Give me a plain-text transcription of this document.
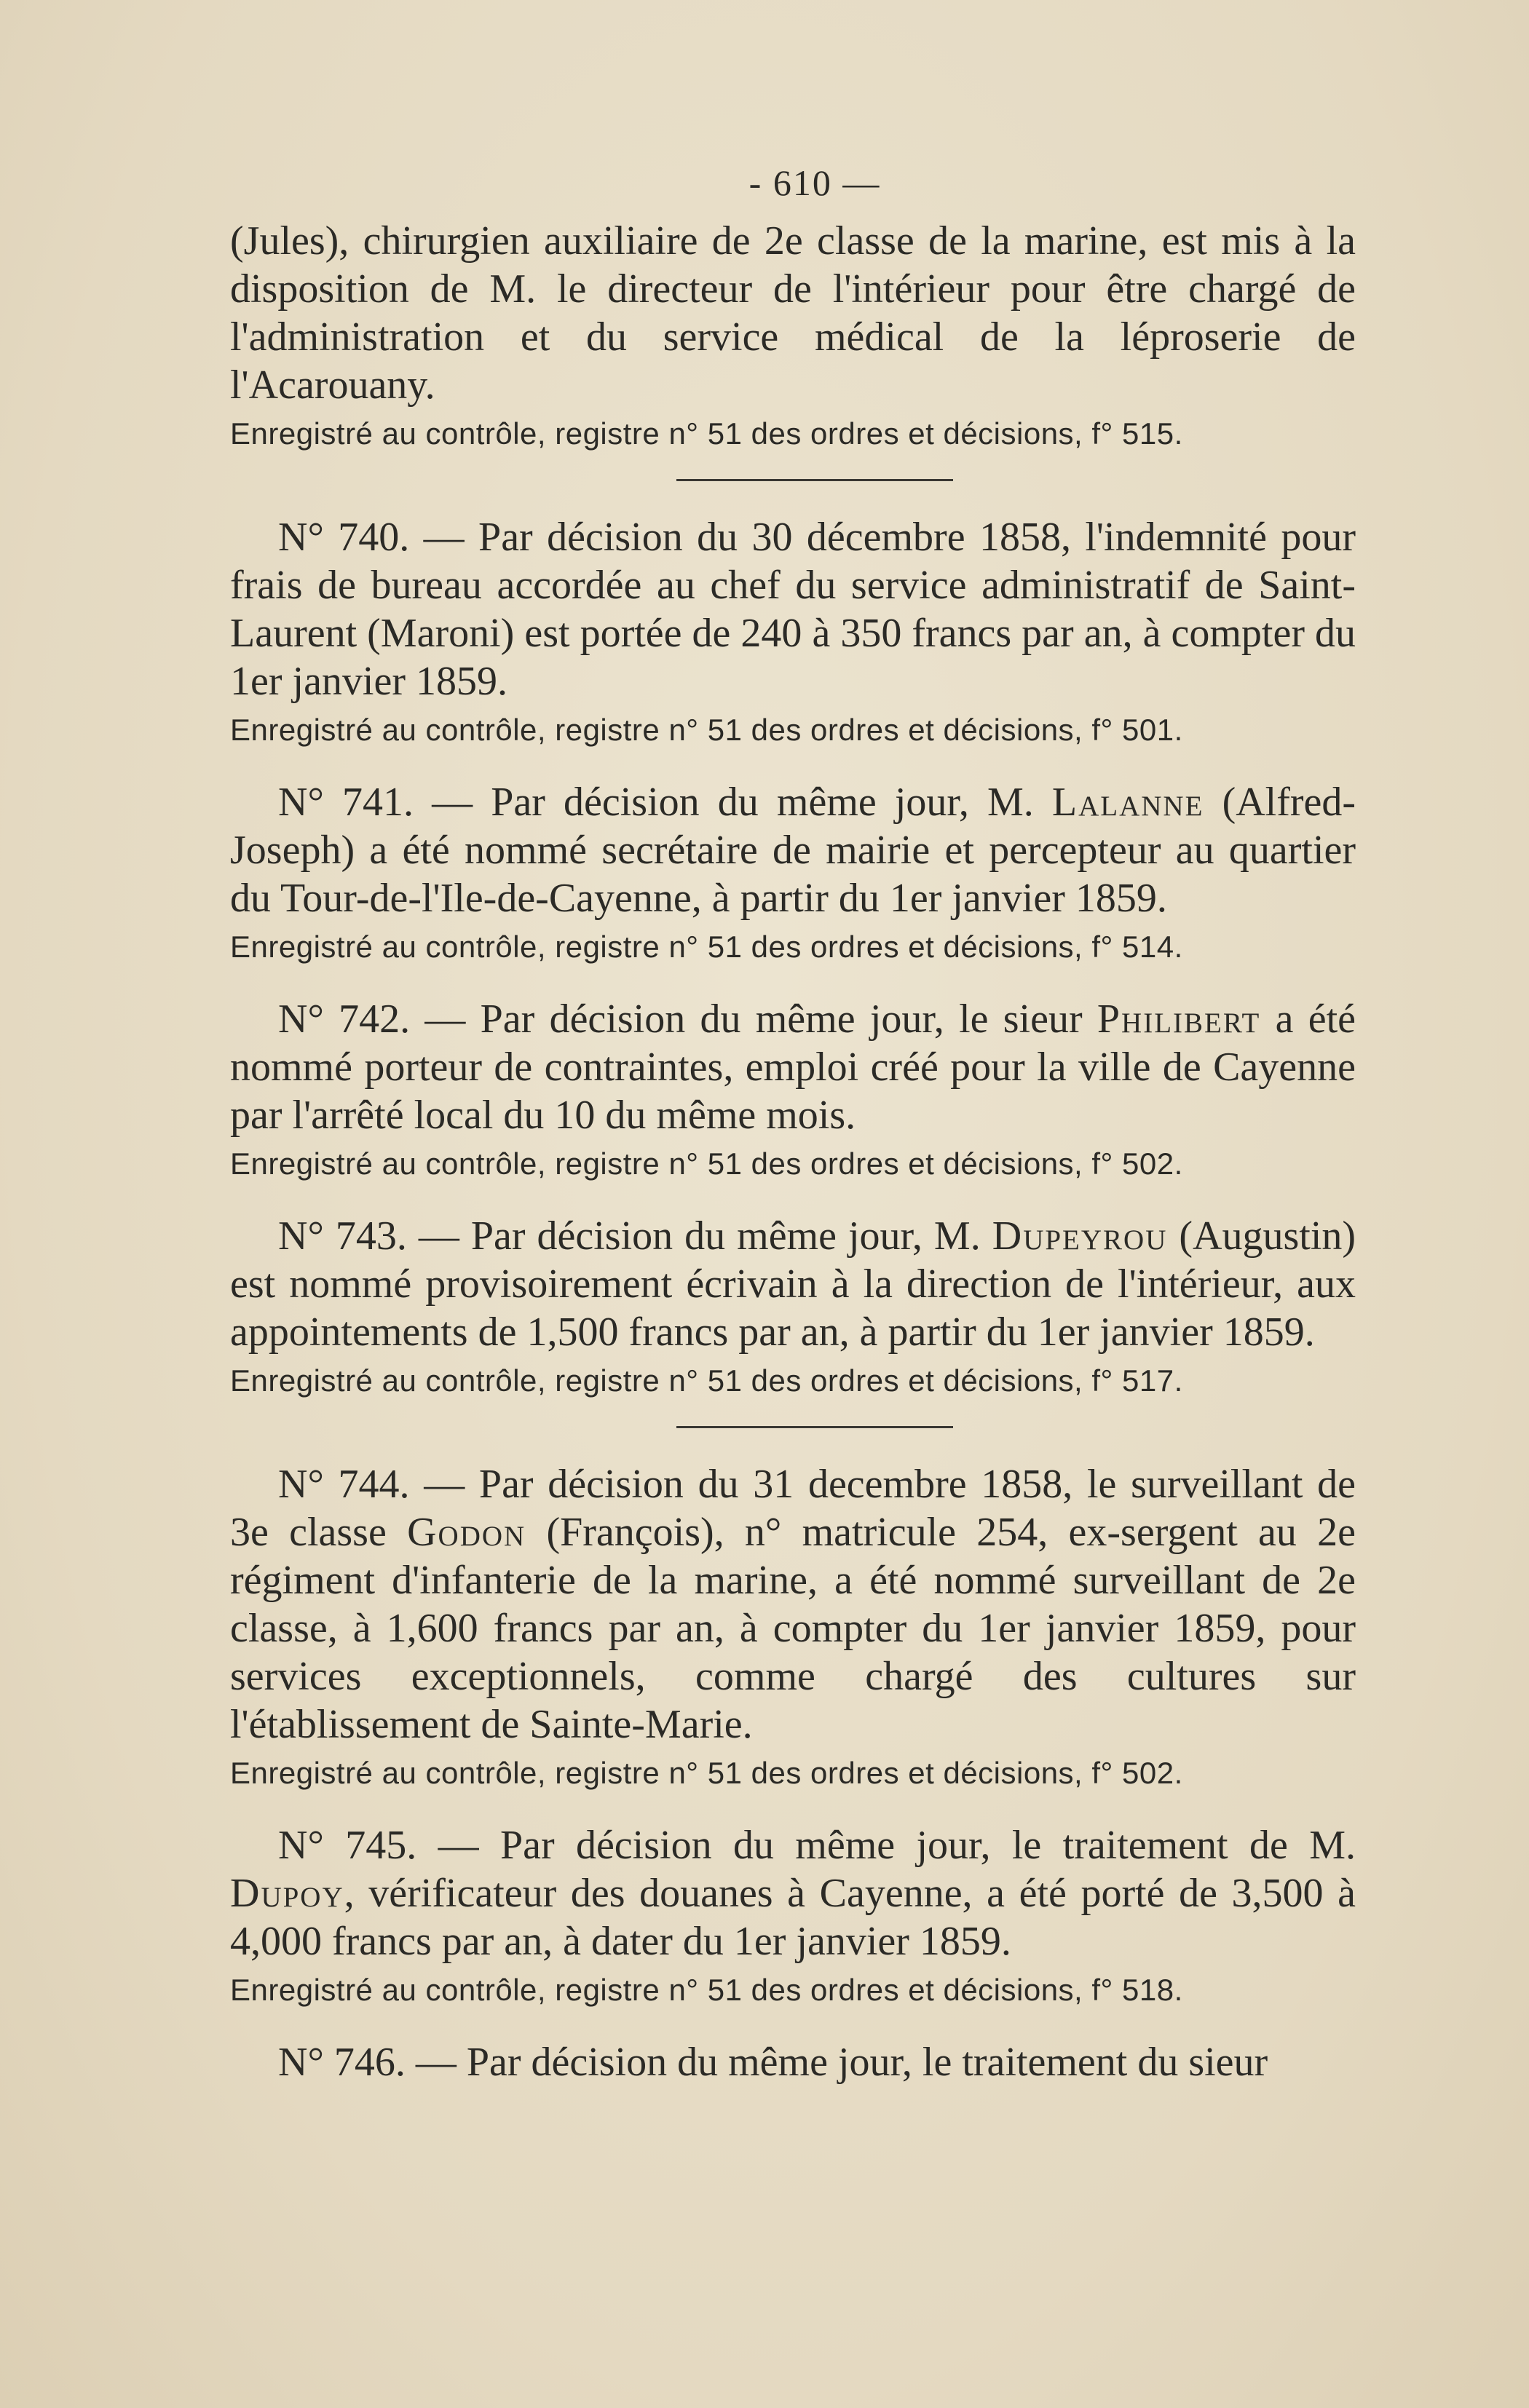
- 610 —

(Jules), chirurgien auxiliaire de 2e classe de la marine, est mis à la disposition de M. le directeur de l'intérieur pour être chargé de l'administration et du service médical de la léproserie de l'Acarouany.

Enregistré au contrôle, registre n° 51 des ordres et décisions, f° 515.

N° 740. — Par décision du 30 décembre 1858, l'indemnité pour frais de bureau accordée au chef du service administratif de Saint-Laurent (Maroni) est portée de 240 à 350 francs par an, à compter du 1er janvier 1859.

Enregistré au contrôle, registre n° 51 des ordres et décisions, f° 501.

N° 741. — Par décision du même jour, M. Lalanne (Alfred-Joseph) a été nommé secrétaire de mairie et percepteur au quartier du Tour-de-l'Ile-de-Cayenne, à partir du 1er janvier 1859.

Enregistré au contrôle, registre n° 51 des ordres et décisions, f° 514.

N° 742. — Par décision du même jour, le sieur Philibert a été nommé porteur de contraintes, emploi créé pour la ville de Cayenne par l'arrêté local du 10 du même mois.

Enregistré au contrôle, registre n° 51 des ordres et décisions, f° 502.

N° 743. — Par décision du même jour, M. Dupeyrou (Augustin) est nommé provisoirement écrivain à la direction de l'intérieur, aux appointements de 1,500 francs par an, à partir du 1er janvier 1859.

Enregistré au contrôle, registre n° 51 des ordres et décisions, f° 517.

N° 744. — Par décision du 31 decembre 1858, le surveillant de 3e classe Godon (François), n° matricule 254, ex-sergent au 2e régiment d'infanterie de la marine, a été nommé surveillant de 2e classe, à 1,600 francs par an, à compter du 1er janvier 1859, pour services exceptionnels, comme chargé des cultures sur l'établissement de Sainte-Marie.

Enregistré au contrôle, registre n° 51 des ordres et décisions, f° 502.

N° 745. — Par décision du même jour, le traitement de M. Dupoy, vérificateur des douanes à Cayenne, a été porté de 3,500 à 4,000 francs par an, à dater du 1er janvier 1859.

Enregistré au contrôle, registre n° 51 des ordres et décisions, f° 518.

N° 746. — Par décision du même jour, le traitement du sieur
